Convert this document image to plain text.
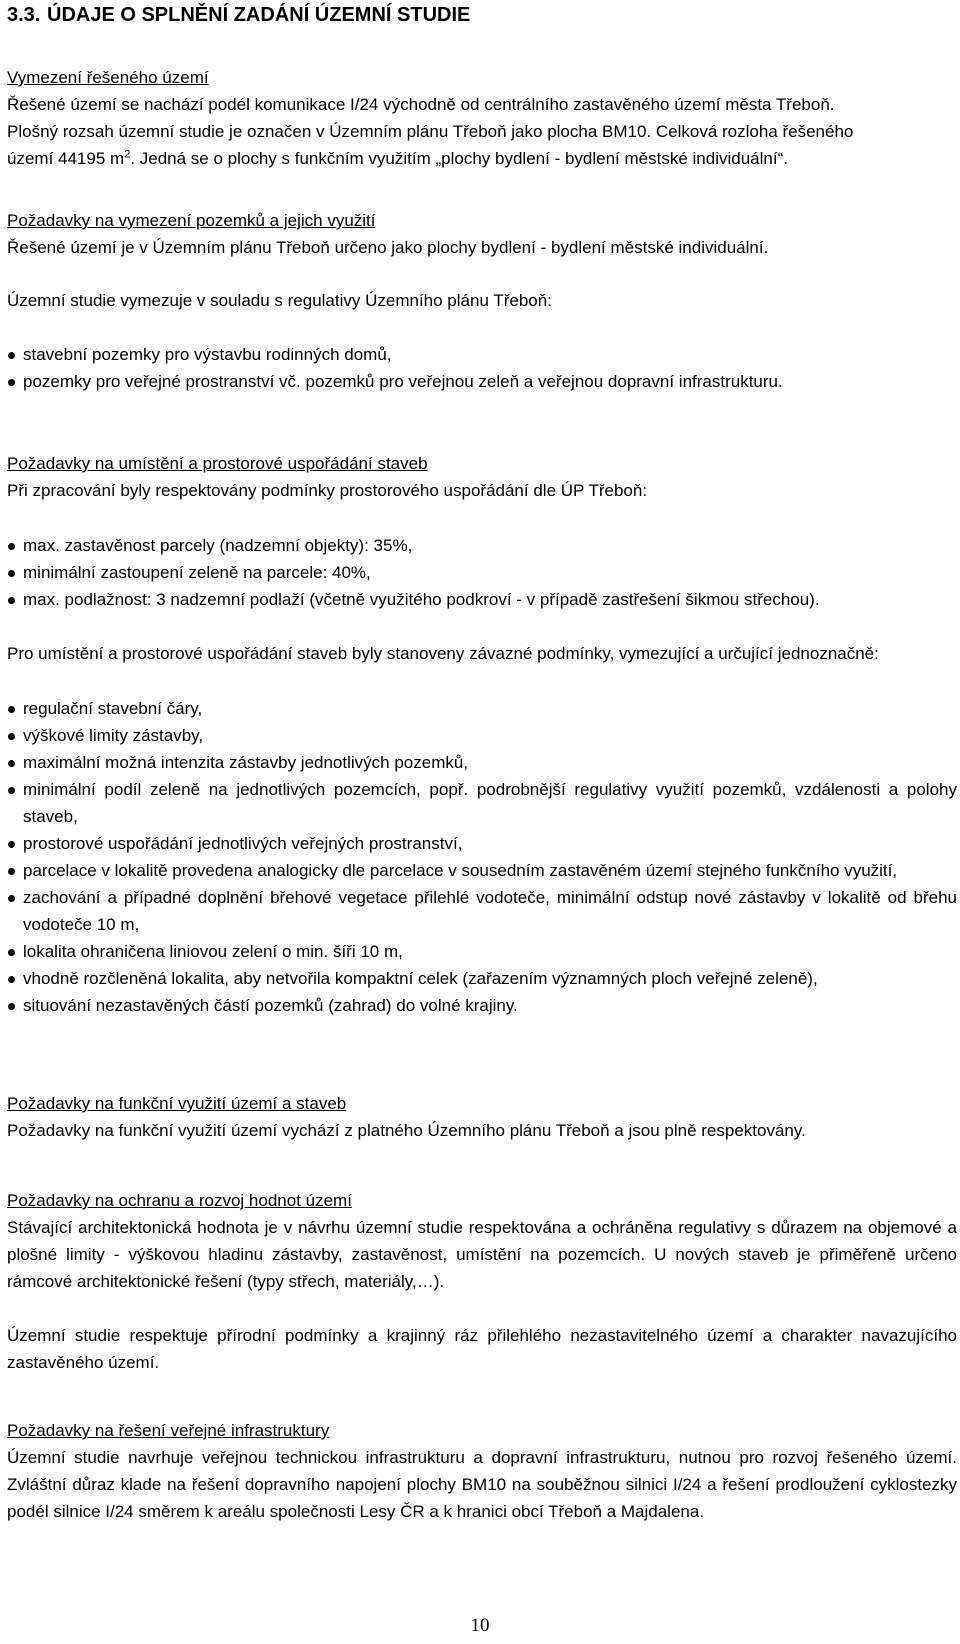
3.3. ÚDAJE O SPLNĚNÍ ZADÁNÍ ÚZEMNÍ STUDIE

Vymezení řešeného území

Řešené území se nachází podél komunikace I/24 východně od centrálního zastavěného území města Třeboň.

Plošný rozsah územní studie je označen v Územním plánu Třeboň jako plocha BM10. Celková rozloha řešeného

území 44195 $m^2$. Jedná se o plochy s funkčním využitím „plochy bydlení - bydlení městské individuální“.

Požadavky na vymezení pozemků a jejich využití

Řešené území je v Územním plánu Třeboň určeno jako plochy bydlení - bydlení městské individuální.

Územní studie vymezuje v souladu s regulativy Územního plánu Třeboň:

stavební pozemky pro výstavbu rodinných domů,
pozemky pro veřejné prostranství vč. pozemků pro veřejnou zeleň a veřejnou dopravní infrastrukturu.

Požadavky na umístění a prostorové uspořádání staveb

Při zpracování byly respektovány podmínky prostorového uspořádání dle ÚP Třeboň:

max. zastavěnost parcely (nadzemní objekty): 35%,
minimální zastoupení zeleně na parcele: 40%,
max. podlažnost: 3 nadzemní podlaží (včetně využitého podkroví - v případě zastřešení šikmou střechou).

Pro umístění a prostorové uspořádání staveb byly stanoveny závazné podmínky, vymezující a určující jednoznačně:

regulační stavební čáry,
výškové limity zástavby,
maximální možná intenzita zástavby jednotlivých pozemků,
minimální podíl zeleně na jednotlivých pozemcích, popř. podrobnější regulativy využití pozemků, vzdálenosti a polohy staveb,
prostorové uspořádání jednotlivých veřejných prostranství,
parcelace v lokalitě provedena analogicky dle parcelace v sousedním zastavěném území stejného funkčního využití,
zachování a případné doplnění břehové vegetace přilehlé vodoteče, minimální odstup nové zástavby v lokalitě od břehu vodoteče 10 m,
lokalita ohraničena liniovou zelení o min. šíři 10 m,
vhodně rozčleněná lokalita, aby netvořila kompaktní celek (zařazením významných ploch veřejné zeleně),
situování nezastavěných částí pozemků (zahrad) do volné krajiny.

Požadavky na funkční využití území a staveb

Požadavky na funkční využití území vychází z platného Územního plánu Třeboň a jsou plně respektovány.

Požadavky na ochranu a rozvoj hodnot území

Stávající architektonická hodnota je v návrhu územní studie respektována a ochráněna regulativy s důrazem na objemové a plošné limity - výškovou hladinu zástavby, zastavěnost, umístění na pozemcích. U nových staveb je přiměřeně určeno rámcové architektonické řešení (typy střech, materiály,…).

Územní studie respektuje přírodní podmínky a krajinný ráz přilehlého nezastavitelného území a charakter navazujícího zastavěného území.

Požadavky na řešení veřejné infrastruktury

Územní studie navrhuje veřejnou technickou infrastrukturu a dopravní infrastrukturu, nutnou pro rozvoj řešeného území. Zvláštní důraz klade na řešení dopravního napojení plochy BM10 na souběžnou silnici I/24 a řešení prodloužení cyklostezky podél silnice I/24 směrem k areálu společnosti Lesy ČR a k hranici obcí Třeboň a Majdalena.

10
